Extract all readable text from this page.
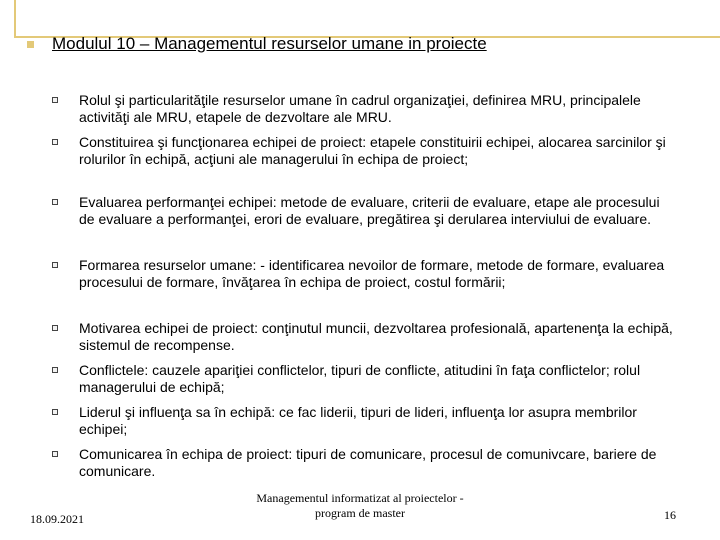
Modulul 10 – Managementul resurselor umane in proiecte
Rolul şi particularităţile resurselor umane în cadrul organizaţiei, definirea MRU, principalele activităţi ale MRU, etapele de dezvoltare ale MRU.
Constituirea şi funcţionarea echipei de proiect: etapele constituirii echipei, alocarea sarcinilor şi rolurilor în echipă, acţiuni ale managerului în echipa de proiect;
Evaluarea performanţei echipei: metode de evaluare, criterii de evaluare, etape ale procesului de evaluare a performanţei, erori de evaluare, pregătirea şi derularea interviului de evaluare.
Formarea resurselor umane: - identificarea nevoilor de formare, metode de formare, evaluarea procesului de formare, învăţarea în echipa de proiect, costul formării;
Motivarea echipei de proiect: conţinutul muncii, dezvoltarea profesională, apartenenţa la echipă, sistemul de recompense.
Conflictele: cauzele apariţiei conflictelor, tipuri de conflicte, atitudini în faţa conflictelor; rolul managerului de echipă;
Liderul şi influenţa sa în echipă: ce fac liderii, tipuri de lideri, influenţa lor asupra membrilor echipei;
Comunicarea în echipa de proiect: tipuri de comunicare, procesul de comunivcare, bariere de comunicare.
18.09.2021
Managementul informatizat al proiectelor -
program de master	16
